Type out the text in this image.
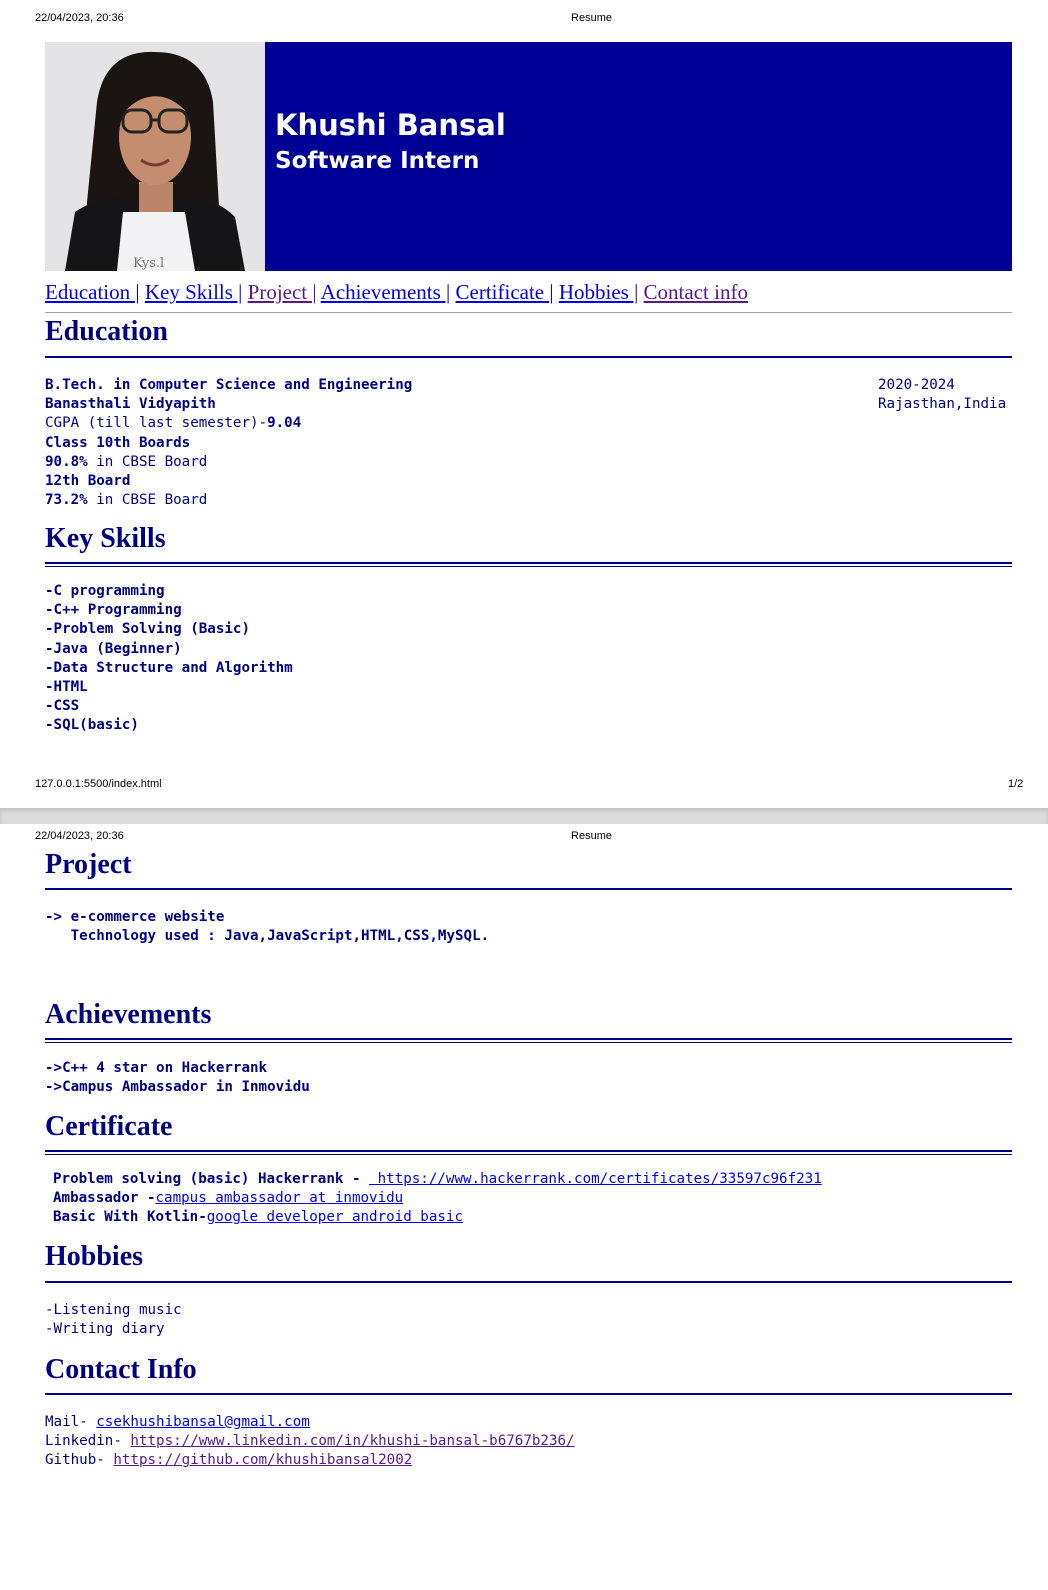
22/04/2023, 20:36	Resume
Kys.l
Khushi Bansal
Software Intern
Education | Key Skills | Project | Achievements | Certificate | Hobbies | Contact info
Education
B.Tech. in Computer Science and Engineering
Banasthali Vidyapith
CGPA (till last semester)-9.04
Class 10th Boards
90.8% in CBSE Board
12th Board
73.2% in CBSE Board
2020-2024
Rajasthan,India
Key Skills
-C programming
-C++ Programming
-Problem Solving (Basic)
-Java (Beginner)
-Data Structure and Algorithm
-HTML
-CSS
-SQL(basic)
127.0.0.1:5500/index.html	1/2
22/04/2023, 20:36	Resume
Project
-> e-commerce website
Technology used : Java,JavaScript,HTML,CSS,MySQL.
Achievements
->C++ 4 star on Hackerrank
->Campus Ambassador in Inmovidu
Certificate
Problem solving (basic) Hackerrank -  https://www.hackerrank.com/certificates/33597c96f231
Ambassador -campus ambassador at inmovidu
Basic With Kotlin-google developer android basic
Hobbies
-Listening music
-Writing diary
Contact Info
Mail- csekhushibansal@gmail.com
Linkedin- https://www.linkedin.com/in/khushi-bansal-b6767b236/
Github- https://github.com/khushibansal2002
